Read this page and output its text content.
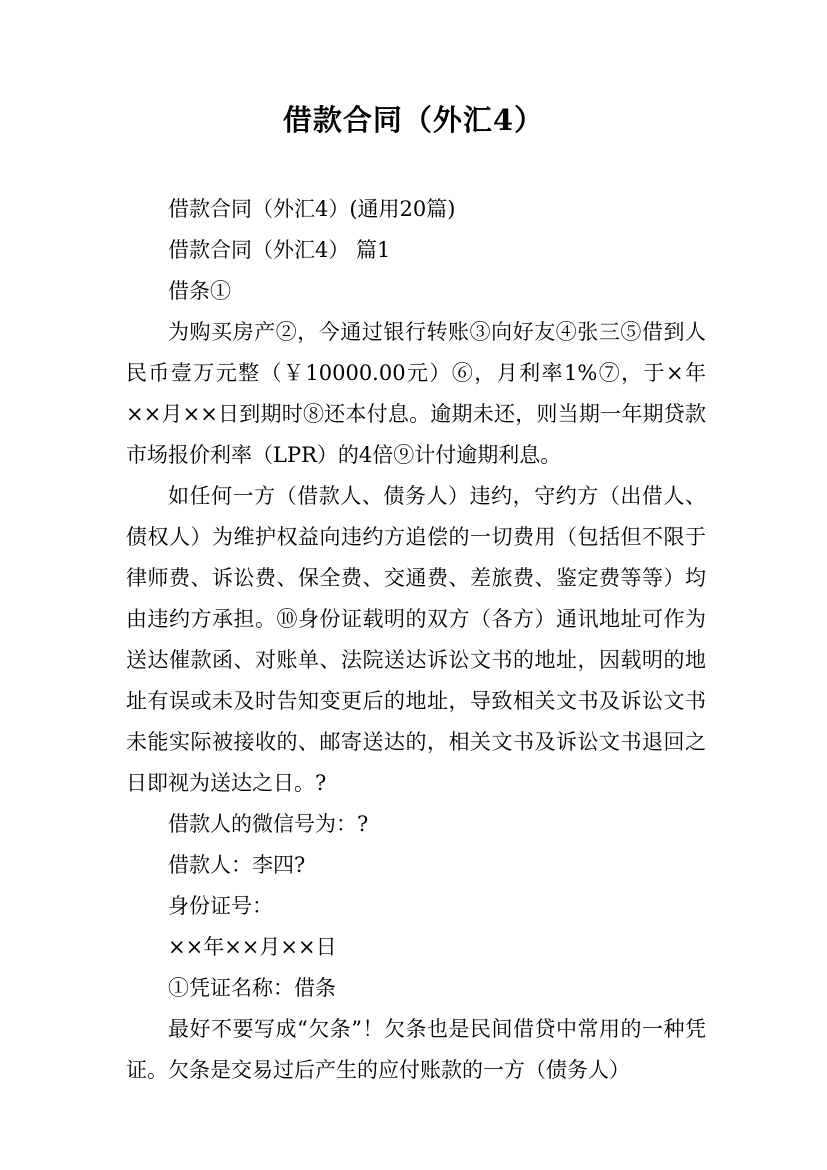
借款合同（外汇4）

借款合同（外汇4）(通用20篇)

借款合同（外汇4） 篇1

借条①

为购买房产②，今通过银行转账③向好友④张三⑤借到人民币壹万元整（￥10000.00元）⑥，月利率1%⑦，于×年××月××日到期时⑧还本付息。逾期未还，则当期一年期贷款市场报价利率（LPR）的4倍⑨计付逾期利息。

如任何一方（借款人、债务人）违约，守约方（出借人、债权人）为维护权益向违约方追偿的一切费用（包括但不限于律师费、诉讼费、保全费、交通费、差旅费、鉴定费等等）均由违约方承担。⑩身份证载明的双方（各方）通讯地址可作为送达催款函、对账单、法院送达诉讼文书的地址，因载明的地址有误或未及时告知变更后的地址，导致相关文书及诉讼文书未能实际被接收的、邮寄送达的，相关文书及诉讼文书退回之日即视为送达之日。?

借款人的微信号为：?

借款人：李四?

身份证号：

××年××月××日

①凭证名称：借条

最好不要写成“欠条”！欠条也是民间借贷中常用的一种凭证。欠条是交易过后产生的应付账款的一方（债务人）
